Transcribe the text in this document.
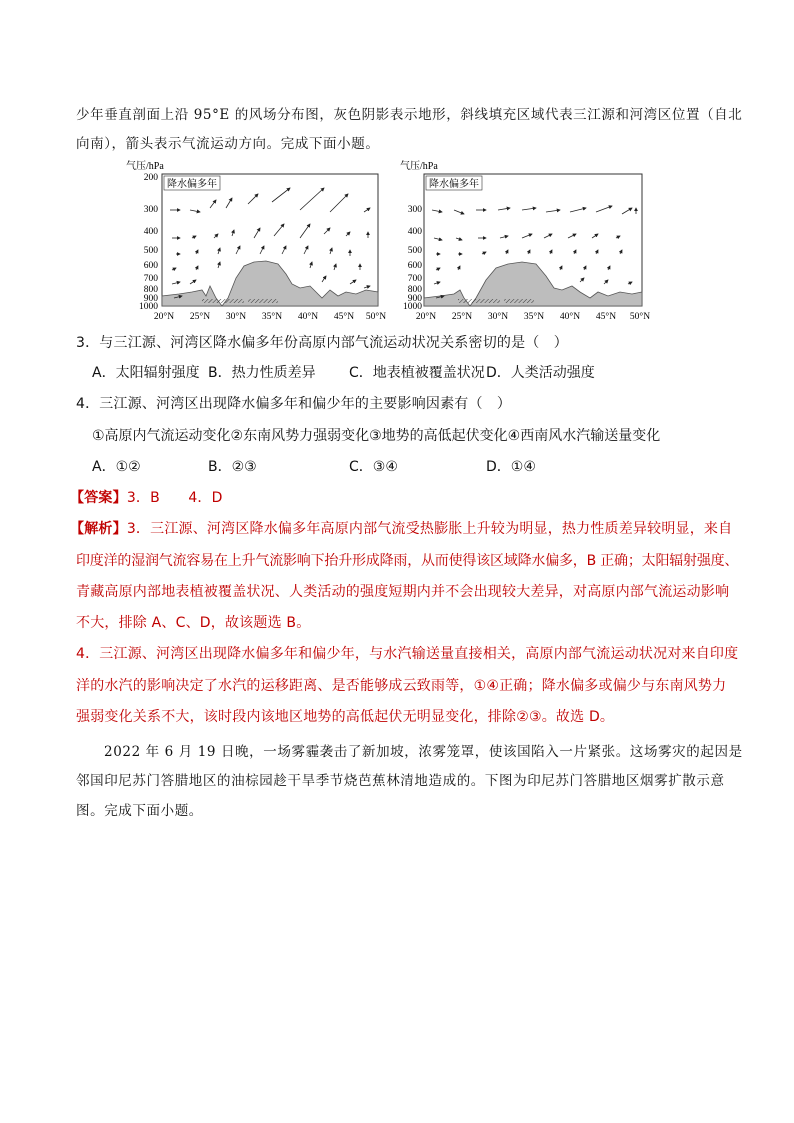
少年垂直剖面上沿 95°E 的风场分布图，灰色阴影表示地形，斜线填充区域代表三江源和河湾区位置（自北
向南），箭头表示气流运动方向。完成下面小题。
气压/hPa
200
300
400
500
600
700
800
900
1000
降水偏多年
20°N 25°N 30°N 35°N 40°N 45°N 50°N
气压/hPa
300
400
500
600
700
800
900
1000
降水偏多年
20°N 25°N 30°N 35°N 40°N 45°N 50°N
3．与三江源、河湾区降水偏多年份高原内部气流运动状况关系密切的是（　）
A．太阳辐射强度 B．热力性质差异 C．地表植被覆盖状况 D．人类活动强度
4．三江源、河湾区出现降水偏多年和偏少年的主要影响因素有（　）
①高原内气流运动变化②东南风势力强弱变化③地势的高低起伏变化④西南风水汽输送量变化
A．①②	B．②③	C．③④	D．①④
【答案】3．B　　4．D
【解析】3．三江源、河湾区降水偏多年高原内部气流受热膨胀上升较为明显，热力性质差异较明显，来自
印度洋的湿润气流容易在上升气流影响下抬升形成降雨，从而使得该区域降水偏多，B 正确；太阳辐射强度、
青藏高原内部地表植被覆盖状况、人类活动的强度短期内并不会出现较大差异，对高原内部气流运动影响
不大，排除 A、C、D，故该题选 B。
4．三江源、河湾区出现降水偏多年和偏少年，与水汽输送量直接相关，高原内部气流运动状况对来自印度
洋的水汽的影响决定了水汽的运移距离、是否能够成云致雨等，①④正确；降水偏多或偏少与东南风势力
强弱变化关系不大，该时段内该地区地势的高低起伏无明显变化，排除②③。故选 D。
2022 年 6 月 19 日晚，一场雾霾袭击了新加坡，浓雾笼罩，使该国陷入一片紧张。这场雾灾的起因是
邻国印尼苏门答腊地区的油棕园趁干旱季节烧芭蕉林清地造成的。下图为印尼苏门答腊地区烟雾扩散示意
图。完成下面小题。
